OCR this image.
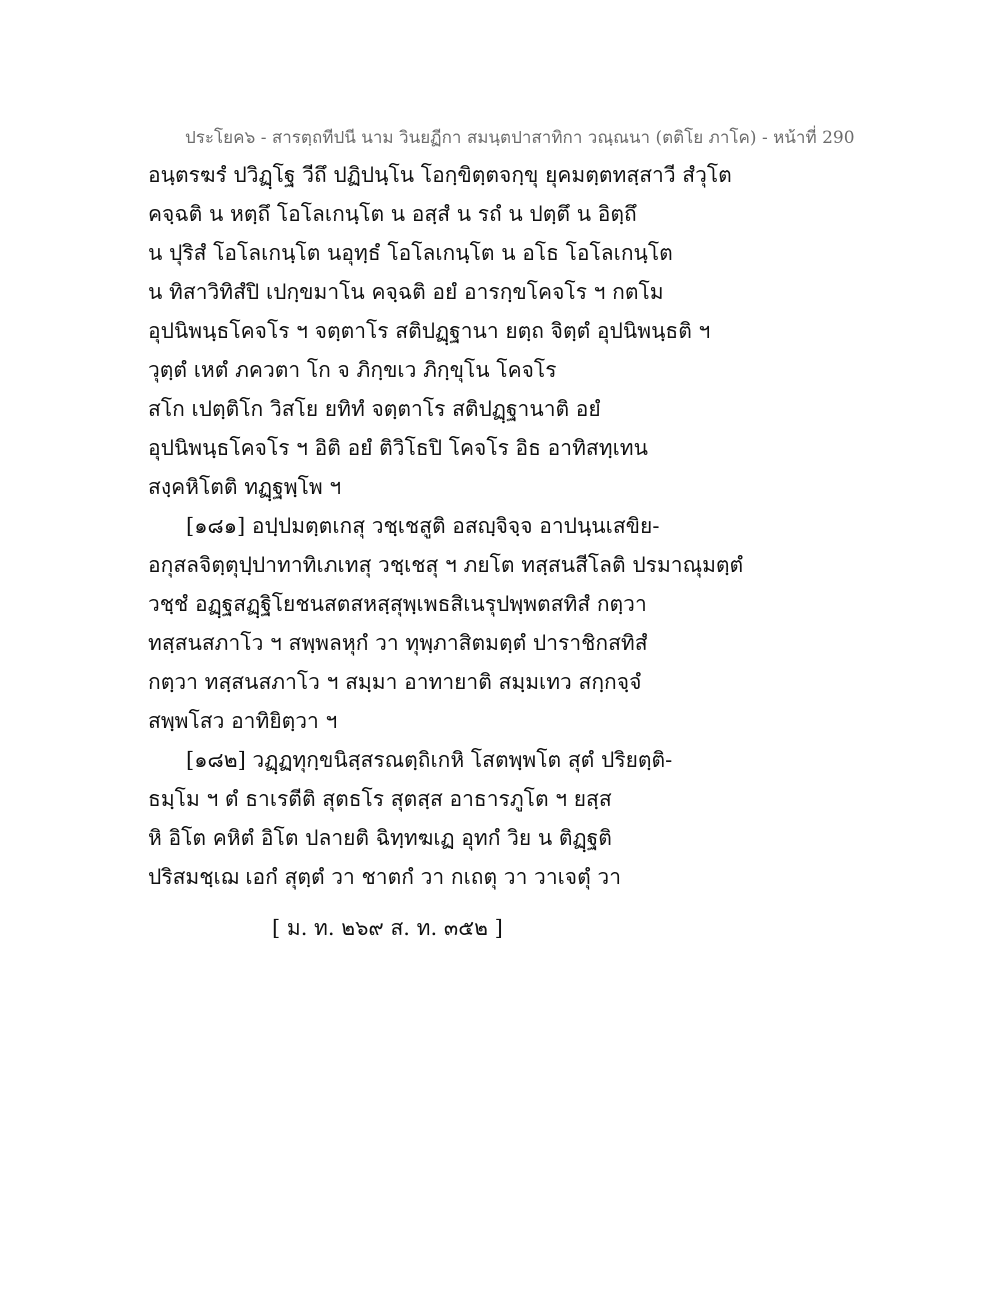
ประโยค๖ - สารตฺถทีปนี นาม วินยฏีกา สมนฺตปาสาทิกา วณฺณนา (ตติโย ภาโค) - หน้าที่ 290
อนฺตรฆรํ ปวิฏฺโฐ วีถึ ปฏิปนฺโน โอกฺขิตฺตจกฺขุ ยุคมตฺตทสฺสาวี สํวุโต
คจฺฉติ น หตฺถึ โอโลเกนฺโต น อสฺสํ น รถํ น ปตฺตึ น อิตฺถึ
น ปุริสํ โอโลเกนฺโต นอุทฺธํ โอโลเกนฺโต น อโธ โอโลเกนฺโต
น ทิสาวิทิสํปิ เปกฺขมาโน คจฺฉติ อยํ อารกฺขโคจโร ฯ กตโม
อุปนิพนฺธโคจโร ฯ จตฺตาโร สติปฏฺฐานา ยตฺถ จิตฺตํ อุปนิพนฺธติ ฯ
วุตฺตํ เหตํ ภควตา โก จ ภิกฺขเว ภิกฺขุโน โคจโร
สโก เปตฺติโก วิสโย ยทิทํ จตฺตาโร สติปฏฺฐานาติ อยํ
อุปนิพนฺธโคจโร ฯ อิติ อยํ ติวิโธปิ โคจโร อิธ อาทิสทฺเทน
สงฺคหิโตติ ทฏฺฐพฺโพ ฯ
[๑๘๑] อปฺปมตฺตเกสุ วชฺเชสูติ อสญฺจิจฺจ อาปนฺนเสขิย-
อกุสลจิตฺตุปฺปาทาทิเภเทสุ วชฺเชสุ ฯ ภยโต ทสฺสนสีโลติ ปรมาณุมตฺตํ
วชฺชํ อฏฺฐสฏฺฐิโยชนสตสหสฺสุพฺเพธสิเนรุปพฺพตสทิสํ กตฺวา
ทสฺสนสภาโว ฯ สพฺพลหุกํ วา ทุพฺภาสิตมตฺตํ ปาราชิกสทิสํ
กตฺวา ทสฺสนสภาโว ฯ สมฺมา อาทายาติ สมฺมเทว สกฺกจฺจํ
สพฺพโสว อาทิยิตฺวา ฯ
[๑๘๒] วฏฺฏทุกฺขนิสฺสรณตฺถิเกหิ โสตพฺพโต สุตํ ปริยตฺติ-
ธมฺโม ฯ ตํ ธาเรตีติ สุตธโร สุตสฺส อาธารภูโต ฯ ยสฺส
หิ อิโต คหิตํ อิโต ปลายติ ฉิทฺทฆเฏ อุทกํ วิย น ติฏฺฐติ
ปริสมชฺเฌ เอกํ สุตฺตํ วา ชาตกํ วา กเถตุ วา วาเจตุํ วา
[ ม. ท. ๒๖๙ ส. ท. ๓๕๒ ]
